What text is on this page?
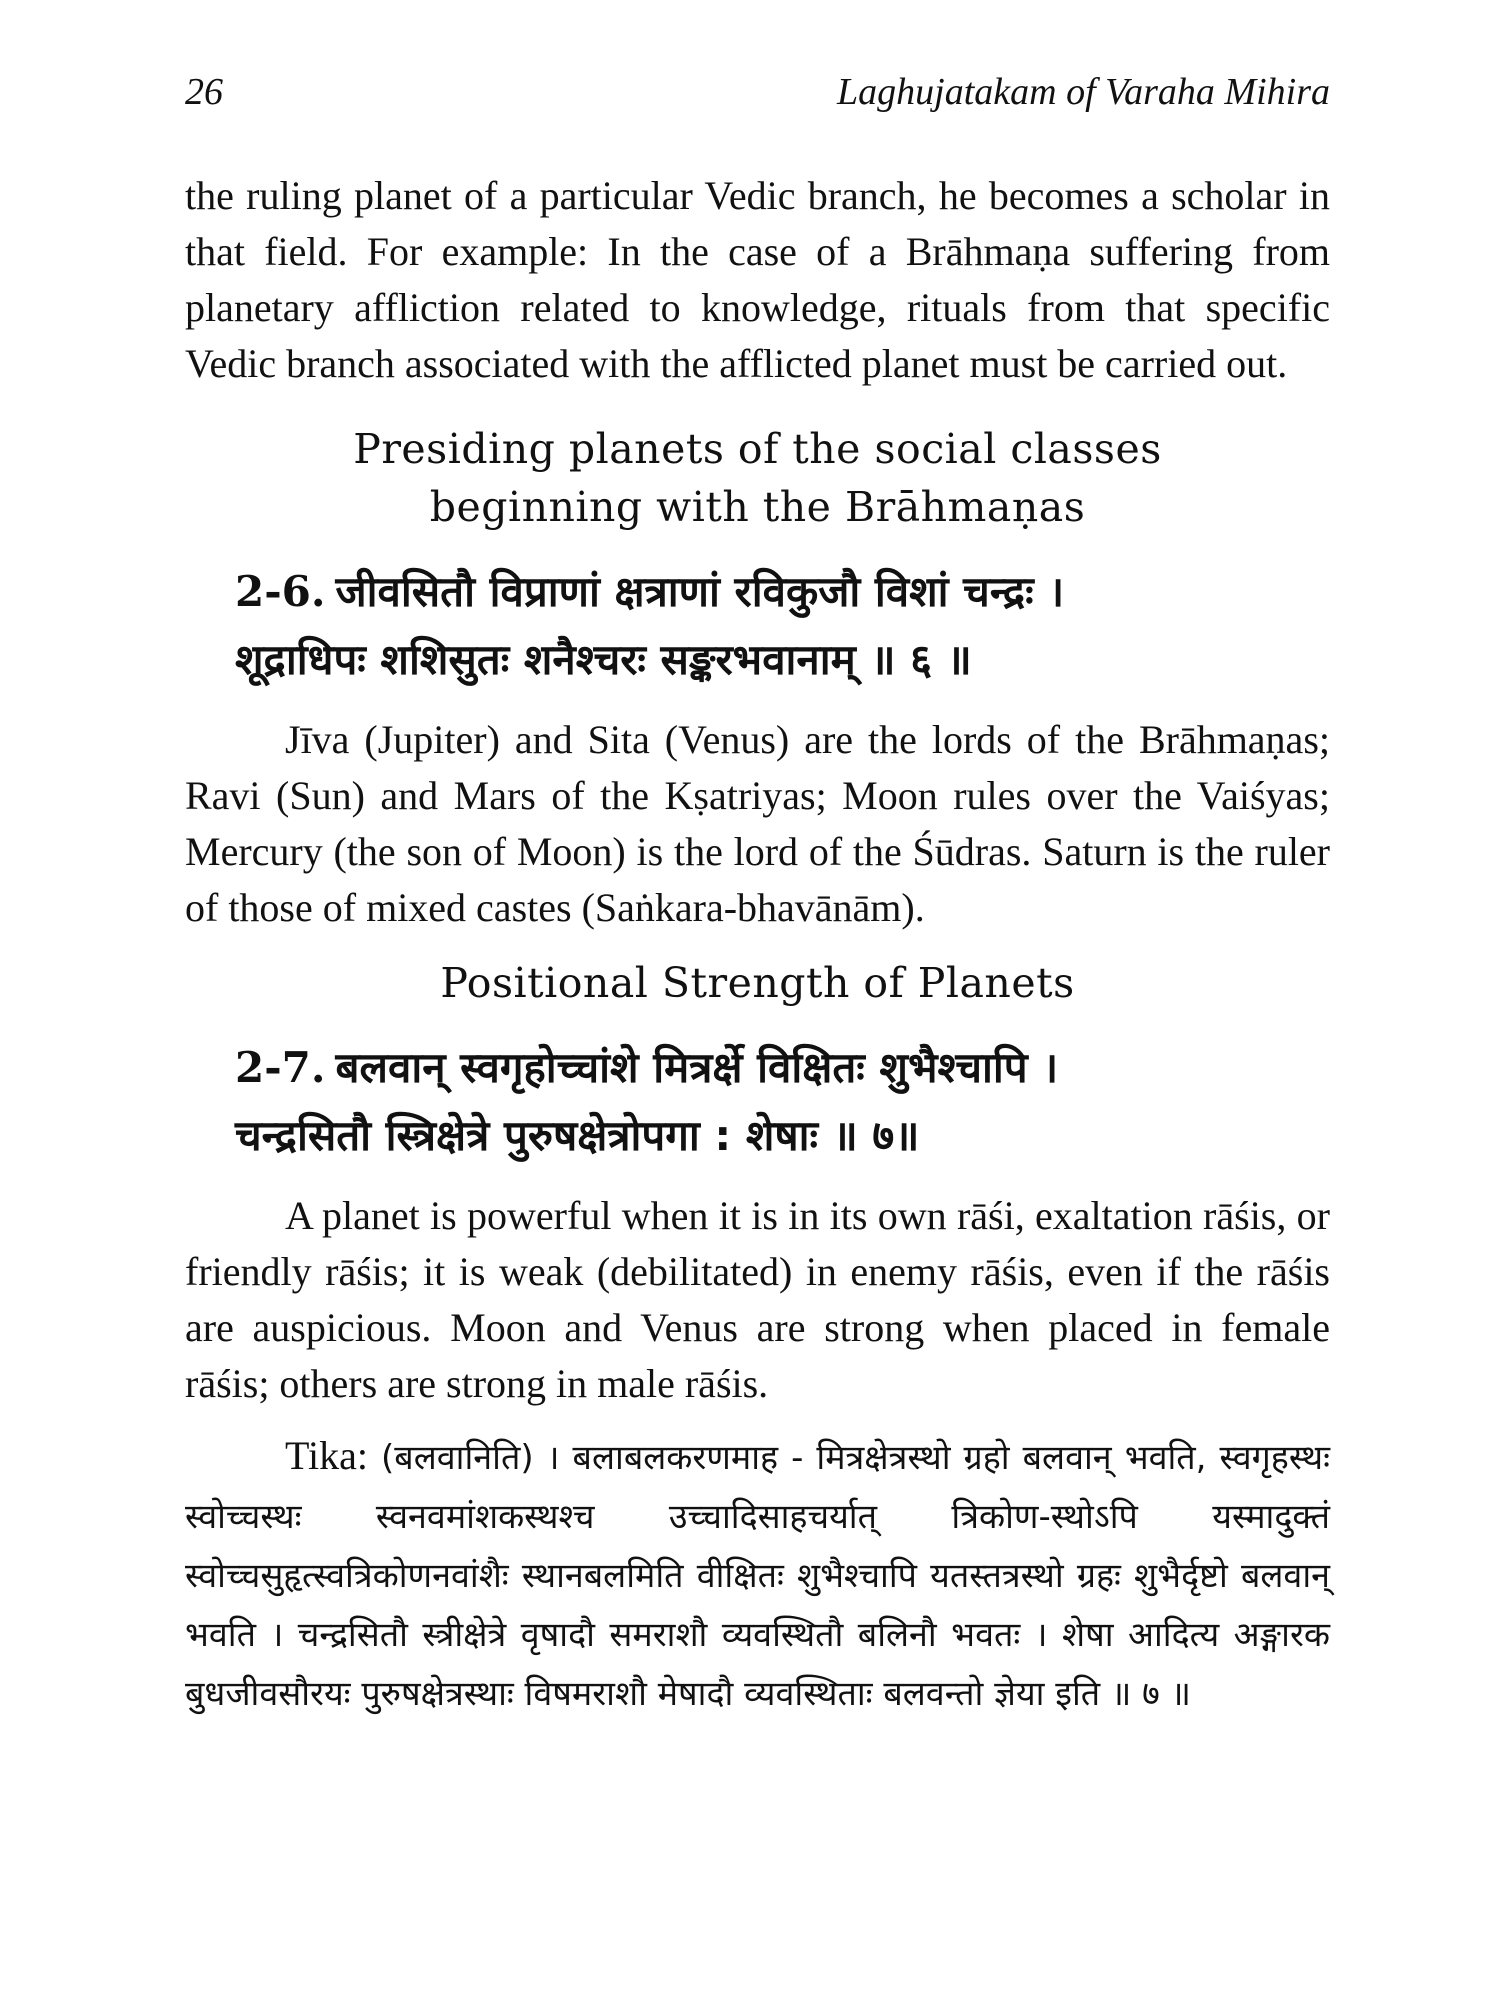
26	Laghujatakam of Varaha Mihira

the ruling planet of a particular Vedic branch, he becomes a scholar in that field. For example: In the case of a Brāhmaṇa suffering from planetary affliction related to knowledge, rituals from that specific Vedic branch associated with the afflicted planet must be carried out.

Presiding planets of the social classes
beginning with the Brāhmaṇas
2-6. जीवसितौ विप्राणां क्षत्राणां रविकुजौ विशां चन्द्रः ।
शूद्राधिपः शशिसुतः शनैश्चरः सङ्करभवानाम् ॥ ६ ॥

Jīva (Jupiter) and Sita (Venus) are the lords of the Brāhmaṇas; Ravi (Sun) and Mars of the Kṣatriyas; Moon rules over the Vaiśyas; Mercury (the son of Moon) is the lord of the Śūdras. Saturn is the ruler of those of mixed castes (Saṅkara-bhavānām).

Positional Strength of Planets
2-7. बलवान् स्वगृहोच्चांशे मित्रर्क्षे विक्षितः शुभैश्चापि ।
चन्द्रसितौ स्त्रिक्षेत्रे पुरुषक्षेत्रोपगा : शेषाः ॥ ७॥

A planet is powerful when it is in its own rāśi, exaltation rāśis, or friendly rāśis; it is weak (debilitated) in enemy rāśis, even if the rāśis are auspicious. Moon and Venus are strong when placed in female rāśis; others are strong in male rāśis.

Tika: (बलवानिति) । बलाबलकरणमाह - मित्रक्षेत्रस्थो ग्रहो बलवान् भवति, स्वगृहस्थः स्वोच्चस्थः स्वनवमांशकस्थश्च उच्चादिसाहचर्यात् त्रिकोण-स्थोऽपि यस्मादुक्तं स्वोच्चसुहृत्स्वत्रिकोणनवांशैः स्थानबलमिति वीक्षितः शुभैश्चापि यतस्तत्रस्थो ग्रहः शुभैर्दृष्टो बलवान् भवति । चन्द्रसितौ स्त्रीक्षेत्रे वृषादौ समराशौ व्यवस्थितौ बलिनौ भवतः । शेषा आदित्य अङ्गारक बुधजीवसौरयः पुरुषक्षेत्रस्थाः विषमराशौ मेषादौ व्यवस्थिताः बलवन्तो ज्ञेया इति ॥ ७ ॥
